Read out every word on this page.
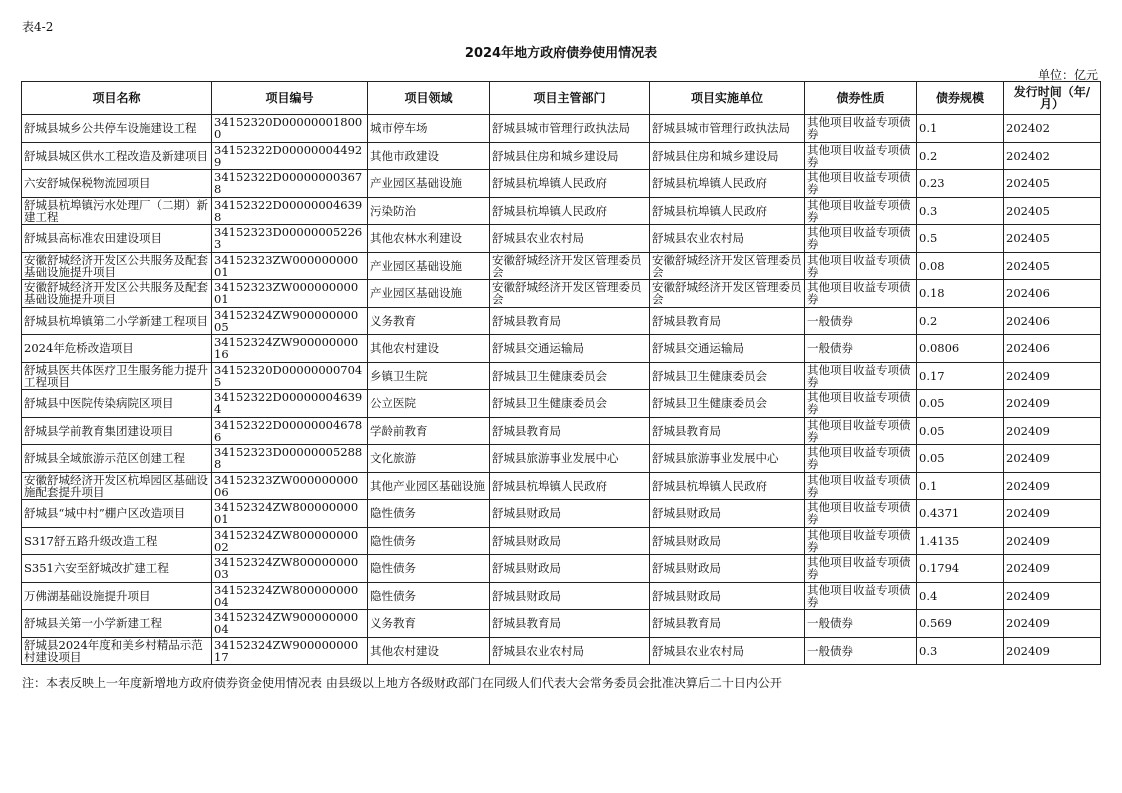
表4-2
2024年地方政府债券使用情况表
单位：亿元
项目名称	项目编号	项目领域	项目主管部门	项目实施单位	债券性质	债券规模	发行时间（年/月）
舒城县城乡公共停车设施建设工程	34152320D000000018000	城市停车场	舒城县城市管理行政执法局	舒城县城市管理行政执法局	其他项目收益专项债券	0.1	202402
舒城县城区供水工程改造及新建项目	34152322D000000044929	其他市政建设	舒城县住房和城乡建设局	舒城县住房和城乡建设局	其他项目收益专项债券	0.2	202402
六安舒城保税物流园项目	34152322D000000003678	产业园区基础设施	舒城县杭埠镇人民政府	舒城县杭埠镇人民政府	其他项目收益专项债券	0.23	202405
舒城县杭埠镇污水处理厂（二期）新建工程	34152322D000000046398	污染防治	舒城县杭埠镇人民政府	舒城县杭埠镇人民政府	其他项目收益专项债券	0.3	202405
舒城县高标准农田建设项目	34152323D000000052263	其他农林水利建设	舒城县农业农村局	舒城县农业农村局	其他项目收益专项债券	0.5	202405
安徽舒城经济开发区公共服务及配套基础设施提升项目	34152323ZW00000000001	产业园区基础设施	安徽舒城经济开发区管理委员会	安徽舒城经济开发区管理委员会	其他项目收益专项债券	0.08	202405
安徽舒城经济开发区公共服务及配套基础设施提升项目	34152323ZW00000000001	产业园区基础设施	安徽舒城经济开发区管理委员会	安徽舒城经济开发区管理委员会	其他项目收益专项债券	0.18	202406
舒城县杭埠镇第二小学新建工程项目	34152324ZW90000000005	义务教育	舒城县教育局	舒城县教育局	一般债券	0.2	202406
2024年危桥改造项目	34152324ZW90000000016	其他农村建设	舒城县交通运输局	舒城县交通运输局	一般债券	0.0806	202406
舒城县医共体医疗卫生服务能力提升工程项目	34152320D000000007045	乡镇卫生院	舒城县卫生健康委员会	舒城县卫生健康委员会	其他项目收益专项债券	0.17	202409
舒城县中医院传染病院区项目	34152322D000000046394	公立医院	舒城县卫生健康委员会	舒城县卫生健康委员会	其他项目收益专项债券	0.05	202409
舒城县学前教育集团建设项目	34152322D000000046786	学龄前教育	舒城县教育局	舒城县教育局	其他项目收益专项债券	0.05	202409
舒城县全域旅游示范区创建工程	34152323D000000052888	文化旅游	舒城县旅游事业发展中心	舒城县旅游事业发展中心	其他项目收益专项债券	0.05	202409
安徽舒城经济开发区杭埠园区基础设施配套提升项目	34152323ZW00000000006	其他产业园区基础设施	舒城县杭埠镇人民政府	舒城县杭埠镇人民政府	其他项目收益专项债券	0.1	202409
舒城县“城中村”棚户区改造项目	34152324ZW80000000001	隐性债务	舒城县财政局	舒城县财政局	其他项目收益专项债券	0.4371	202409
S317舒五路升级改造工程	34152324ZW80000000002	隐性债务	舒城县财政局	舒城县财政局	其他项目收益专项债券	1.4135	202409
S351六安至舒城改扩建工程	34152324ZW80000000003	隐性债务	舒城县财政局	舒城县财政局	其他项目收益专项债券	0.1794	202409
万佛湖基础设施提升项目	34152324ZW80000000004	隐性债务	舒城县财政局	舒城县财政局	其他项目收益专项债券	0.4	202409
舒城县关第一小学新建工程	34152324ZW90000000004	义务教育	舒城县教育局	舒城县教育局	一般债券	0.569	202409
舒城县2024年度和美乡村精品示范村建设项目	34152324ZW90000000017	其他农村建设	舒城县农业农村局	舒城县农业农村局	一般债券	0.3	202409
注：本表反映上一年度新增地方政府债券资金使用情况表 由县级以上地方各级财政部门在同级人们代表大会常务委员会批准决算后二十日内公开
